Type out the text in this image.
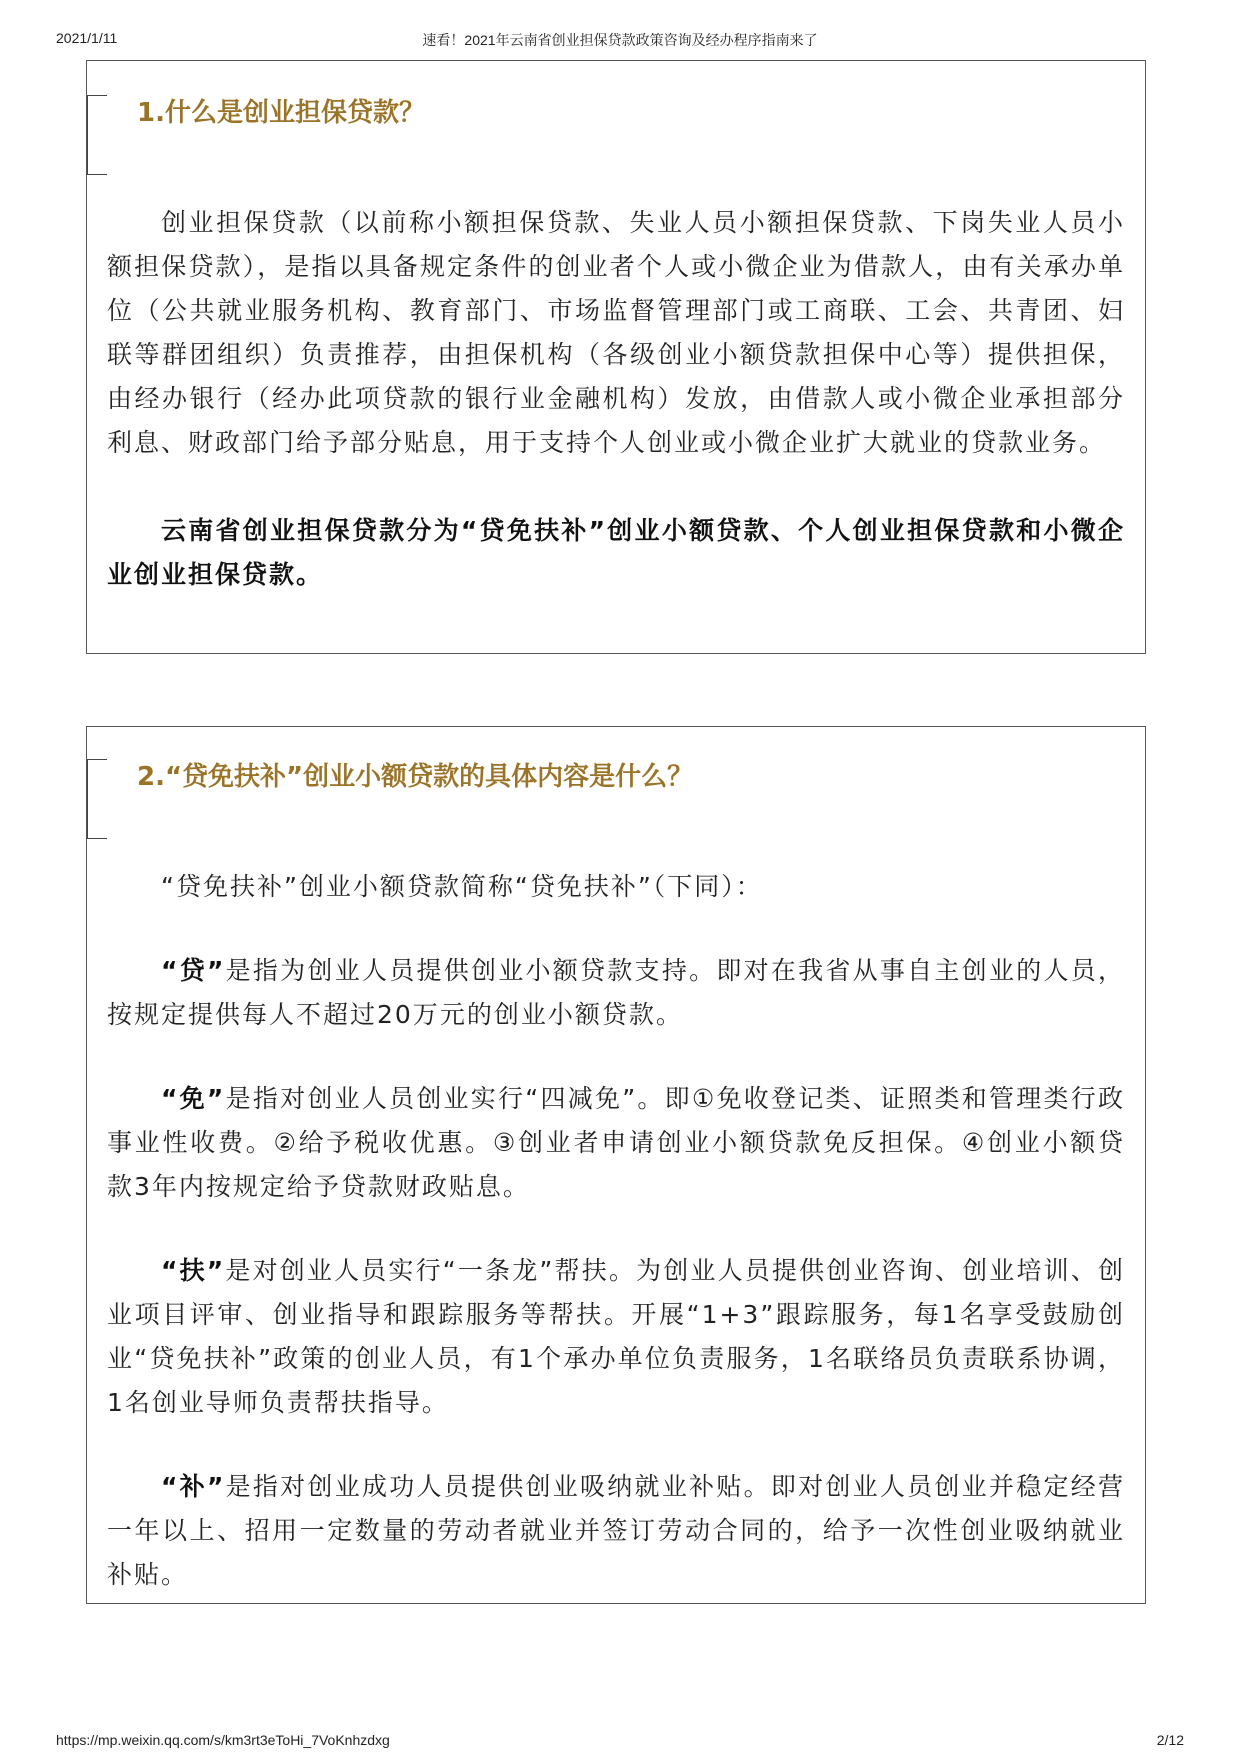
2021/1/11	速看！2021年云南省创业担保贷款政策咨询及经办程序指南来了
1.什么是创业担保贷款？

创业担保贷款（以前称小额担保贷款、失业人员小额担保贷款、下岗失业人员小额担保贷款），是指以具备规定条件的创业者个人或小微企业为借款人，由有关承办单位（公共就业服务机构、教育部门、市场监督管理部门或工商联、工会、共青团、妇联等群团组织）负责推荐，由担保机构（各级创业小额贷款担保中心等）提供担保，由经办银行（经办此项贷款的银行业金融机构）发放，由借款人或小微企业承担部分利息、财政部门给予部分贴息，用于支持个人创业或小微企业扩大就业的贷款业务。

云南省创业担保贷款分为“贷免扶补”创业小额贷款、个人创业担保贷款和小微企业创业担保贷款。

2.“贷免扶补”创业小额贷款的具体内容是什么？

“贷免扶补”创业小额贷款简称“贷免扶补”（下同）：

“贷”是指为创业人员提供创业小额贷款支持。即对在我省从事自主创业的人员，按规定提供每人不超过20万元的创业小额贷款。

“免”是指对创业人员创业实行“四减免”。即①免收登记类、证照类和管理类行政事业性收费。②给予税收优惠。③创业者申请创业小额贷款免反担保。④创业小额贷款3年内按规定给予贷款财政贴息。

“扶”是对创业人员实行“一条龙”帮扶。为创业人员提供创业咨询、创业培训、创业项目评审、创业指导和跟踪服务等帮扶。开展“1+3”跟踪服务，每1名享受鼓励创业“贷免扶补”政策的创业人员，有1个承办单位负责服务，1名联络员负责联系协调，1名创业导师负责帮扶指导。

“补”是指对创业成功人员提供创业吸纳就业补贴。即对创业人员创业并稳定经营一年以上、招用一定数量的劳动者就业并签订劳动合同的，给予一次性创业吸纳就业补贴。

https://mp.weixin.qq.com/s/km3rt3eToHi_7VoKnhzdxg	2/12
